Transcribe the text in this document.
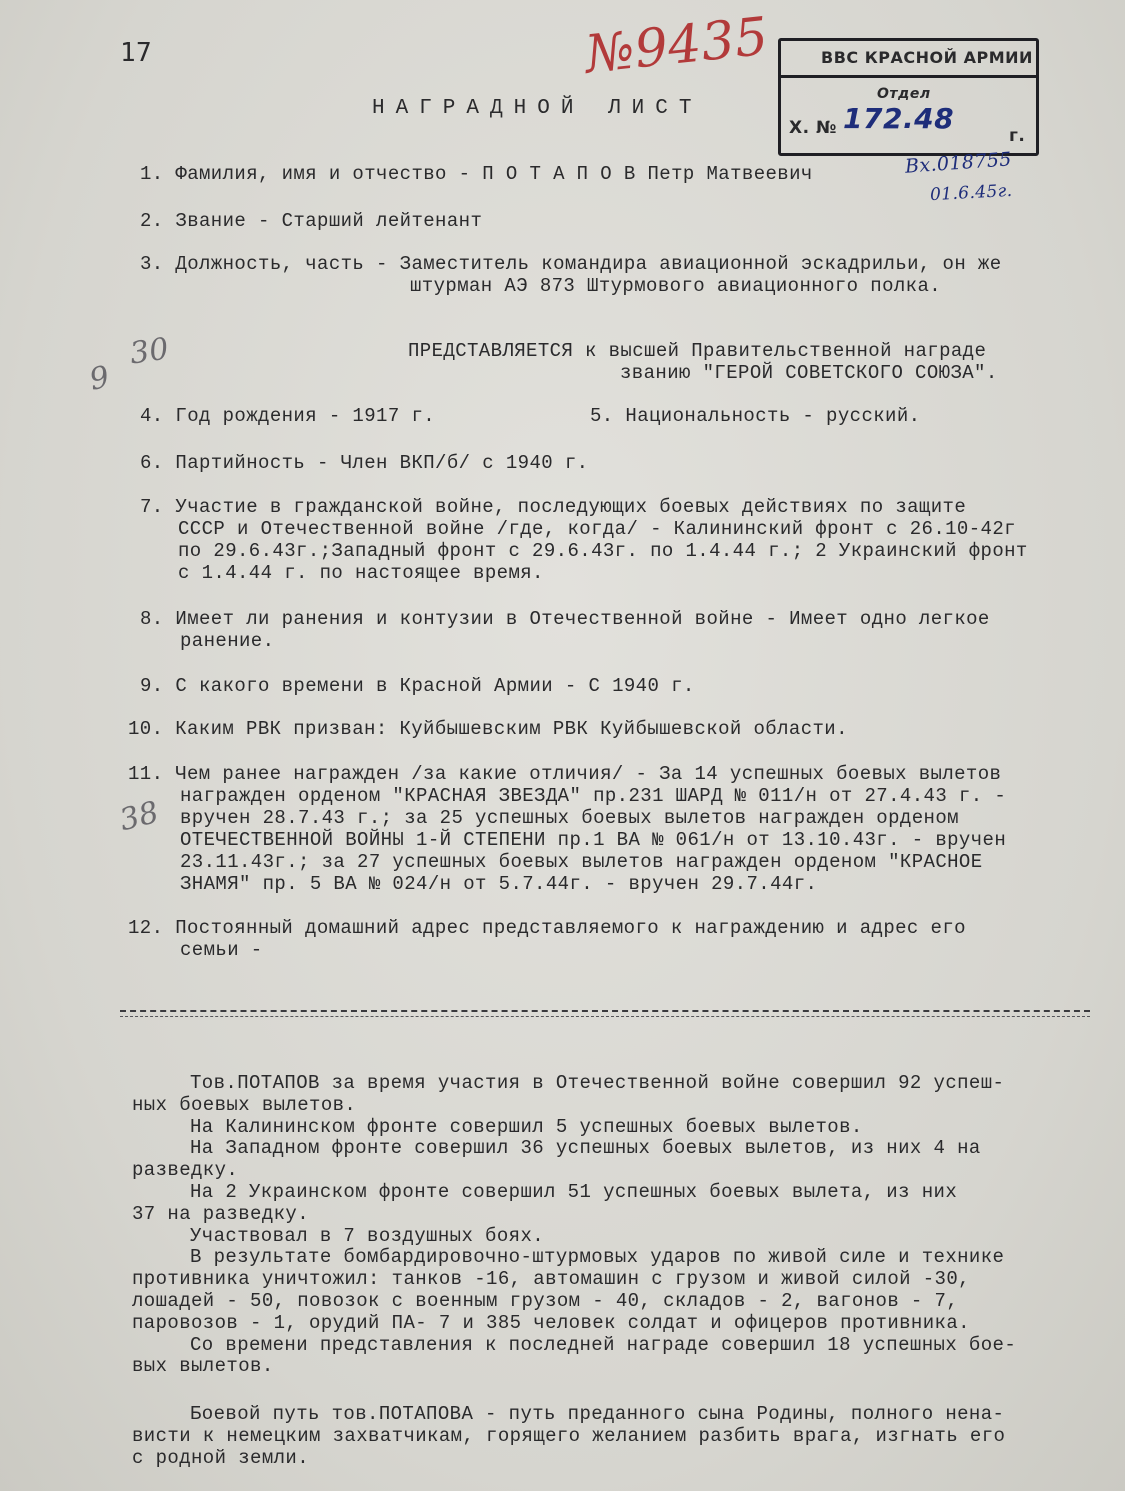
17	№9435	ВВС КРАСНОЙ АРМИИ
Отдел
Х. № 172.48
г.
НАГРАДНОЙ ЛИСТ
1. Фамилия, имя и отчество - П О Т А П О В Петр Матвеевич	Вх.018755
01.6.45г.
2. Звание - Старший лейтенант
3. Должность, часть - Заместитель командира авиационной эскадрильи, он же
штурман АЭ 873 Штурмового авиационного полка.
9
30	ПРЕДСТАВЛЯЕТСЯ к высшей Правительственной награде
званию "ГЕРОЙ СОВЕТСКОГО СОЮЗА".
4. Год рождения - 1917 г.	5. Национальность - русский.
6. Партийность - Член ВКП/б/ с 1940 г.
7. Участие в гражданской войне, последующих боевых действиях по защите
СССР и Отечественной войне /где, когда/ - Калининский фронт с 26.10-42г
по 29.6.43г.;Западный фронт с 29.6.43г. по 1.4.44 г.; 2 Украинский фронт
с 1.4.44 г. по настоящее время.
8. Имеет ли ранения и контузии в Отечественной войне - Имеет одно легкое
ранение.
9. С какого времени в Красной Армии - С 1940 г.
10. Каким РВК призван: Куйбышевским РВК Куйбышевской области.
38
11. Чем ранее награжден /за какие отличия/ - За 14 успешных боевых вылетов
награжден орденом "КРАСНАЯ ЗВЕЗДА" пр.231 ШАРД № 011/н от 27.4.43 г. -
вручен 28.7.43 г.; за 25 успешных боевых вылетов награжден орденом
ОТЕЧЕСТВЕННОЙ ВОЙНЫ 1-Й СТЕПЕНИ пр.1 ВА № 061/н от 13.10.43г. - вручен
23.11.43г.; за 27 успешных боевых вылетов награжден орденом "КРАСНОЕ
ЗНАМЯ" пр. 5 ВА № 024/н от 5.7.44г. - вручен 29.7.44г.
12. Постоянный домашний адрес представляемого к награждению и адрес его
семьи -
Тов.ПОТАПОВ за время участия в Отечественной войне совершил 92 успеш-
ных боевых вылетов.
На Калининском фронте совершил 5 успешных боевых вылетов.
На Западном фронте совершил 36 успешных боевых вылетов, из них 4 на
разведку.
На 2 Украинском фронте совершил 51 успешных боевых вылета, из них
37 на разведку.
Участвовал в 7 воздушных боях.
В результате бомбардировочно-штурмовых ударов по живой силе и технике
противника уничтожил: танков -16, автомашин с грузом и живой силой -30,
лошадей - 50, повозок с военным грузом - 40, складов - 2, вагонов - 7,
паровозов - 1, орудий ПА- 7 и 385 человек солдат и офицеров противника.
Со времени представления к последней награде совершил 18 успешных бое-
вых вылетов.
Боевой путь тов.ПОТАПОВА - путь преданного сына Родины, полного нена-
висти к немецким захватчикам, горящего желанием разбить врага, изгнать его
с родной земли.
